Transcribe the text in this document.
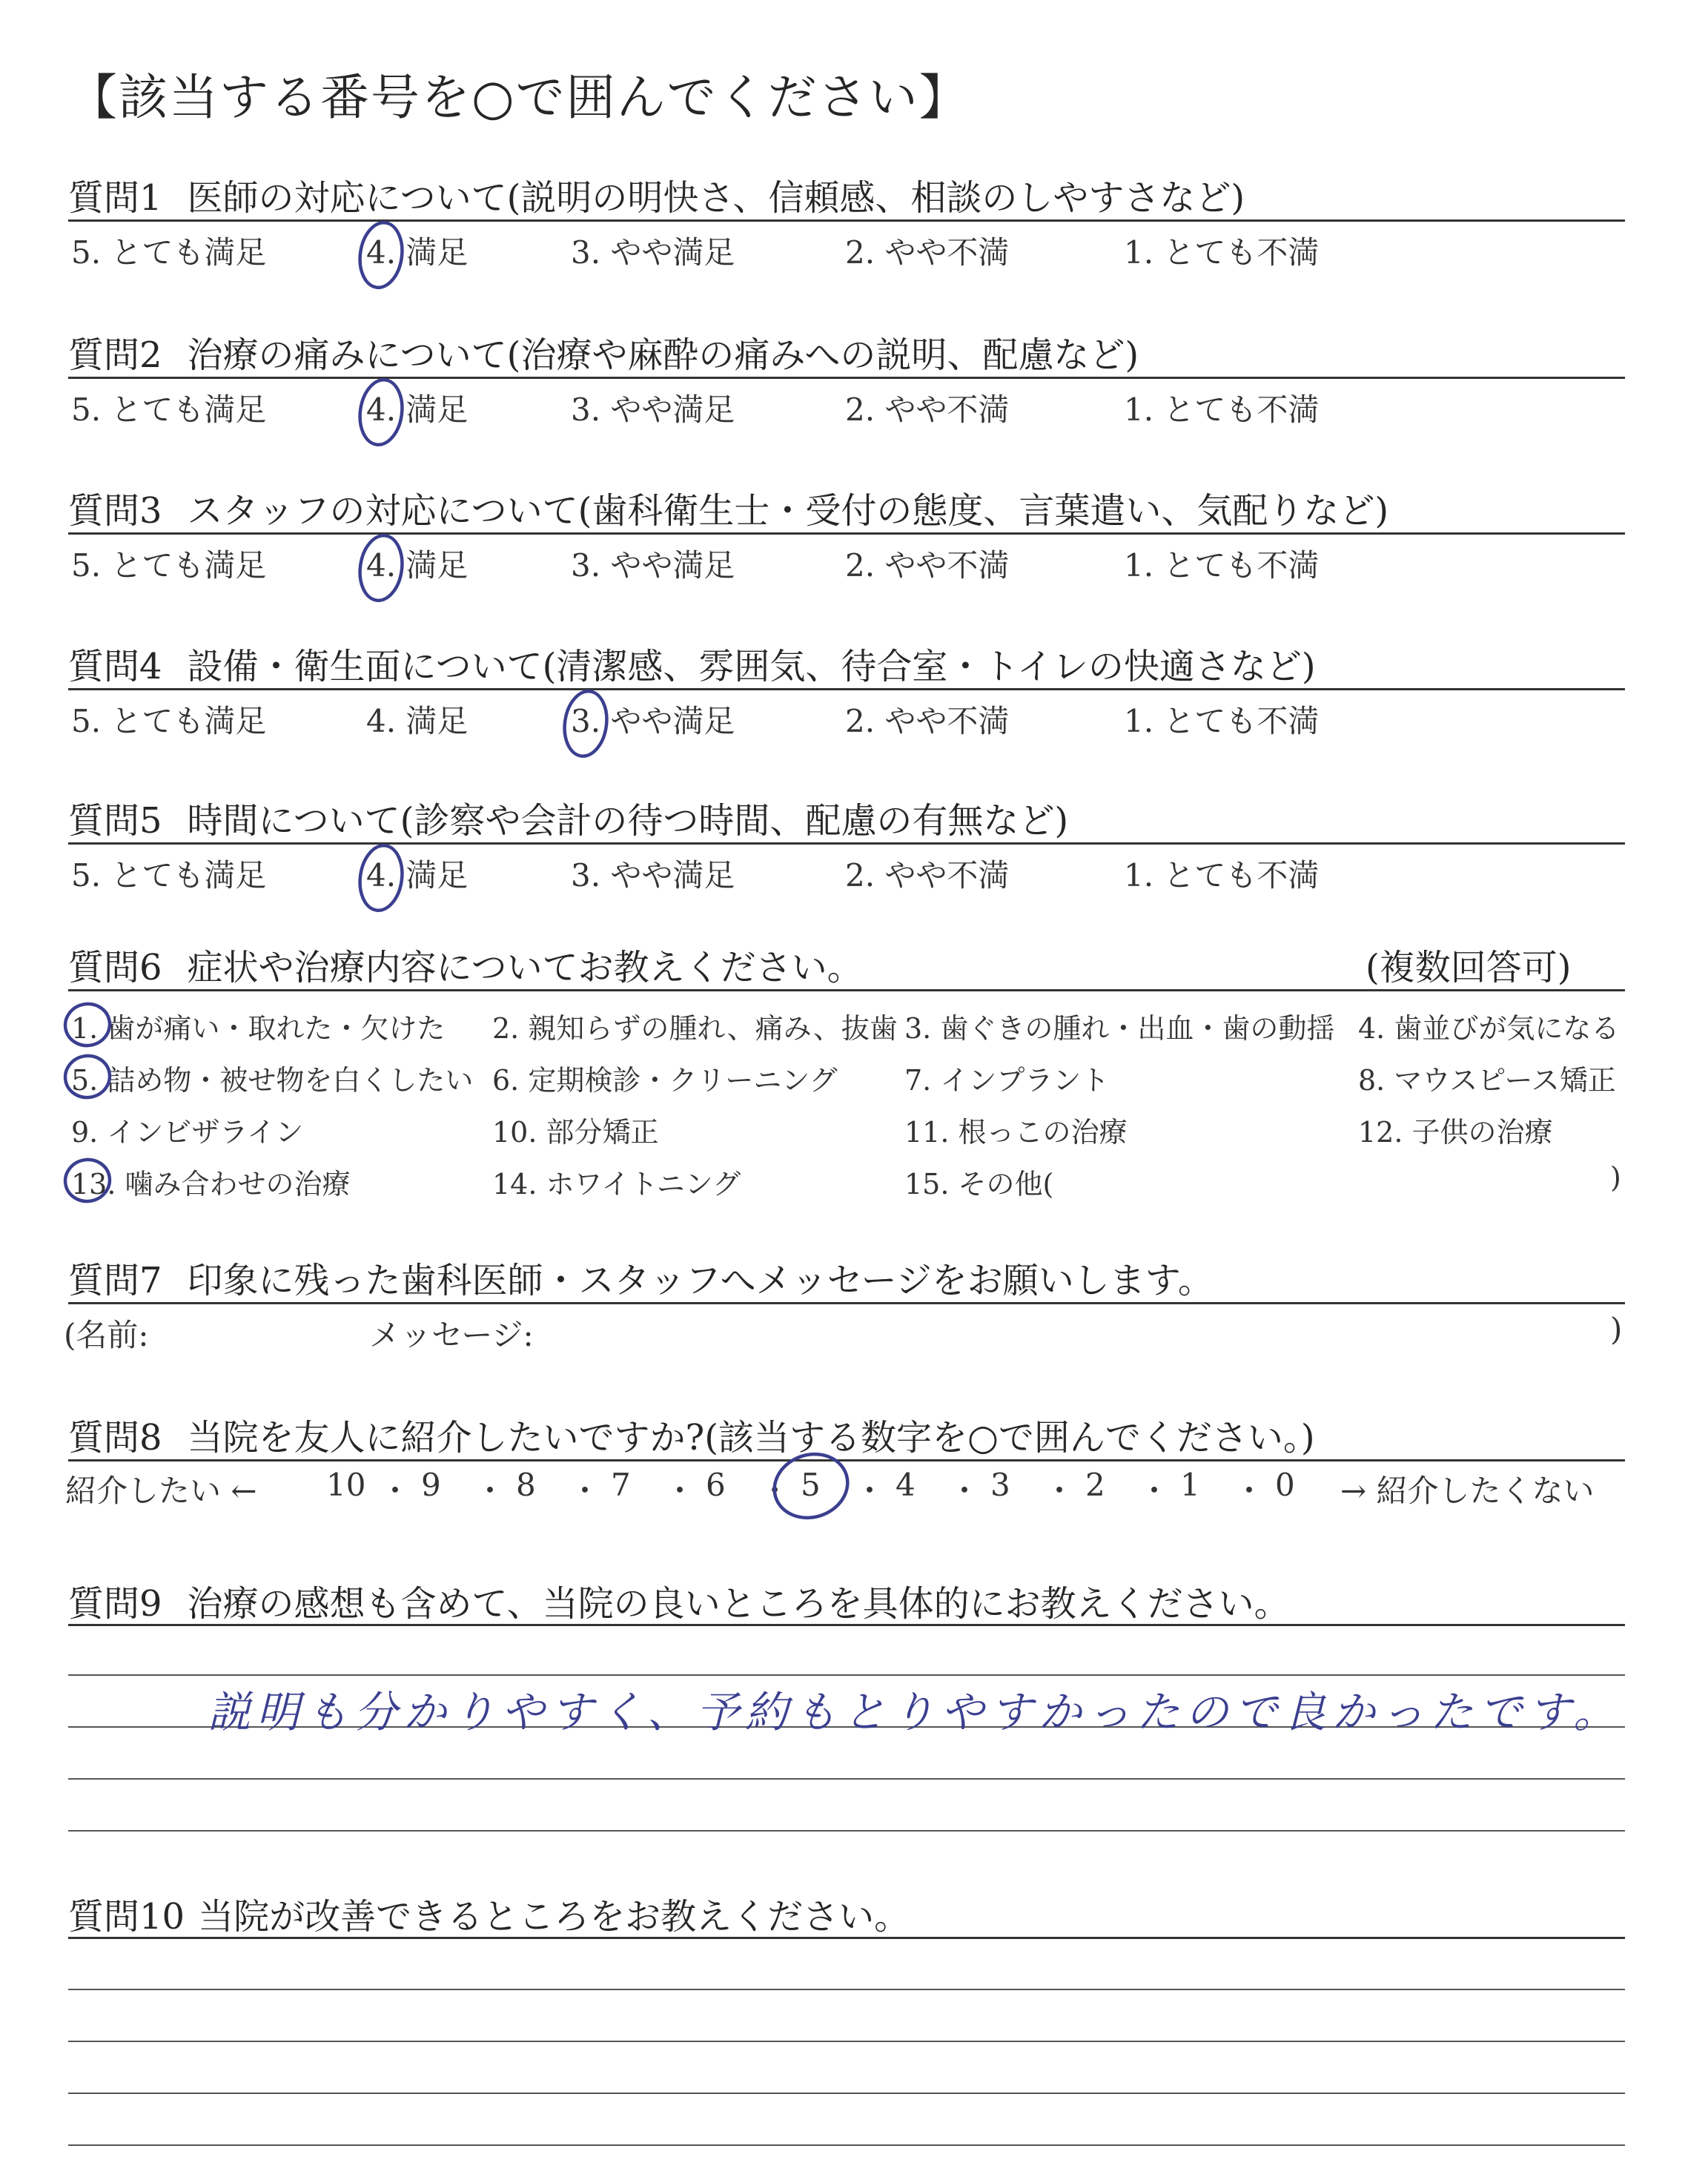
【該当する番号を○で囲んでください】
質問1 医師の対応について(説明の明快さ、信頼感、相談のしやすさなど)
5. とても満足	4. 満足	3. やや満足	2. やや不満	1. とても不満
質問2 治療の痛みについて(治療や麻酔の痛みへの説明、配慮など)
5. とても満足	4. 満足	3. やや満足	2. やや不満	1. とても不満
質問3 スタッフの対応について(歯科衛生士・受付の態度、言葉遣い、気配りなど)
5. とても満足	4. 満足	3. やや満足	2. やや不満	1. とても不満
質問4 設備・衛生面について(清潔感、雰囲気、待合室・トイレの快適さなど)
5. とても満足	4. 満足	3. やや満足	2. やや不満	1. とても不満
質問5 時間について(診察や会計の待つ時間、配慮の有無など)
5. とても満足	4. 満足	3. やや満足	2. やや不満	1. とても不満
質問6 症状や治療内容についてお教えください。	(複数回答可)
1. 歯が痛い・取れた・欠けた 2. 親知らずの腫れ、痛み、抜歯 3. 歯ぐきの腫れ・出血・歯の動揺 4. 歯並びが気になる
5. 詰め物・被せ物を白くしたい 6. 定期検診・クリーニング 7. インプラント	8. マウスピース矯正
9. インビザライン	10. 部分矯正	11. 根っこの治療	12. 子供の治療
13. 噛み合わせの治療	14. ホワイトニング	15. その他(	)
質問7 印象に残った歯科医師・スタッフへメッセージをお願いします。
(名前:	メッセージ:	)
質問8 当院を友人に紹介したいですか?(該当する数字を○で囲んでください。)
紹介したい ← 10 ・ 9 ・ 8 ・ 7 ・ 6 ・ 5 ・ 4 ・ 3 ・ 2 ・ 1 ・ 0 → 紹介したくない
質問9 治療の感想も含めて、当院の良いところを具体的にお教えください。
説明も分かりやすく、予約もとりやすかったので良かったです。
質問10 当院が改善できるところをお教えください。
